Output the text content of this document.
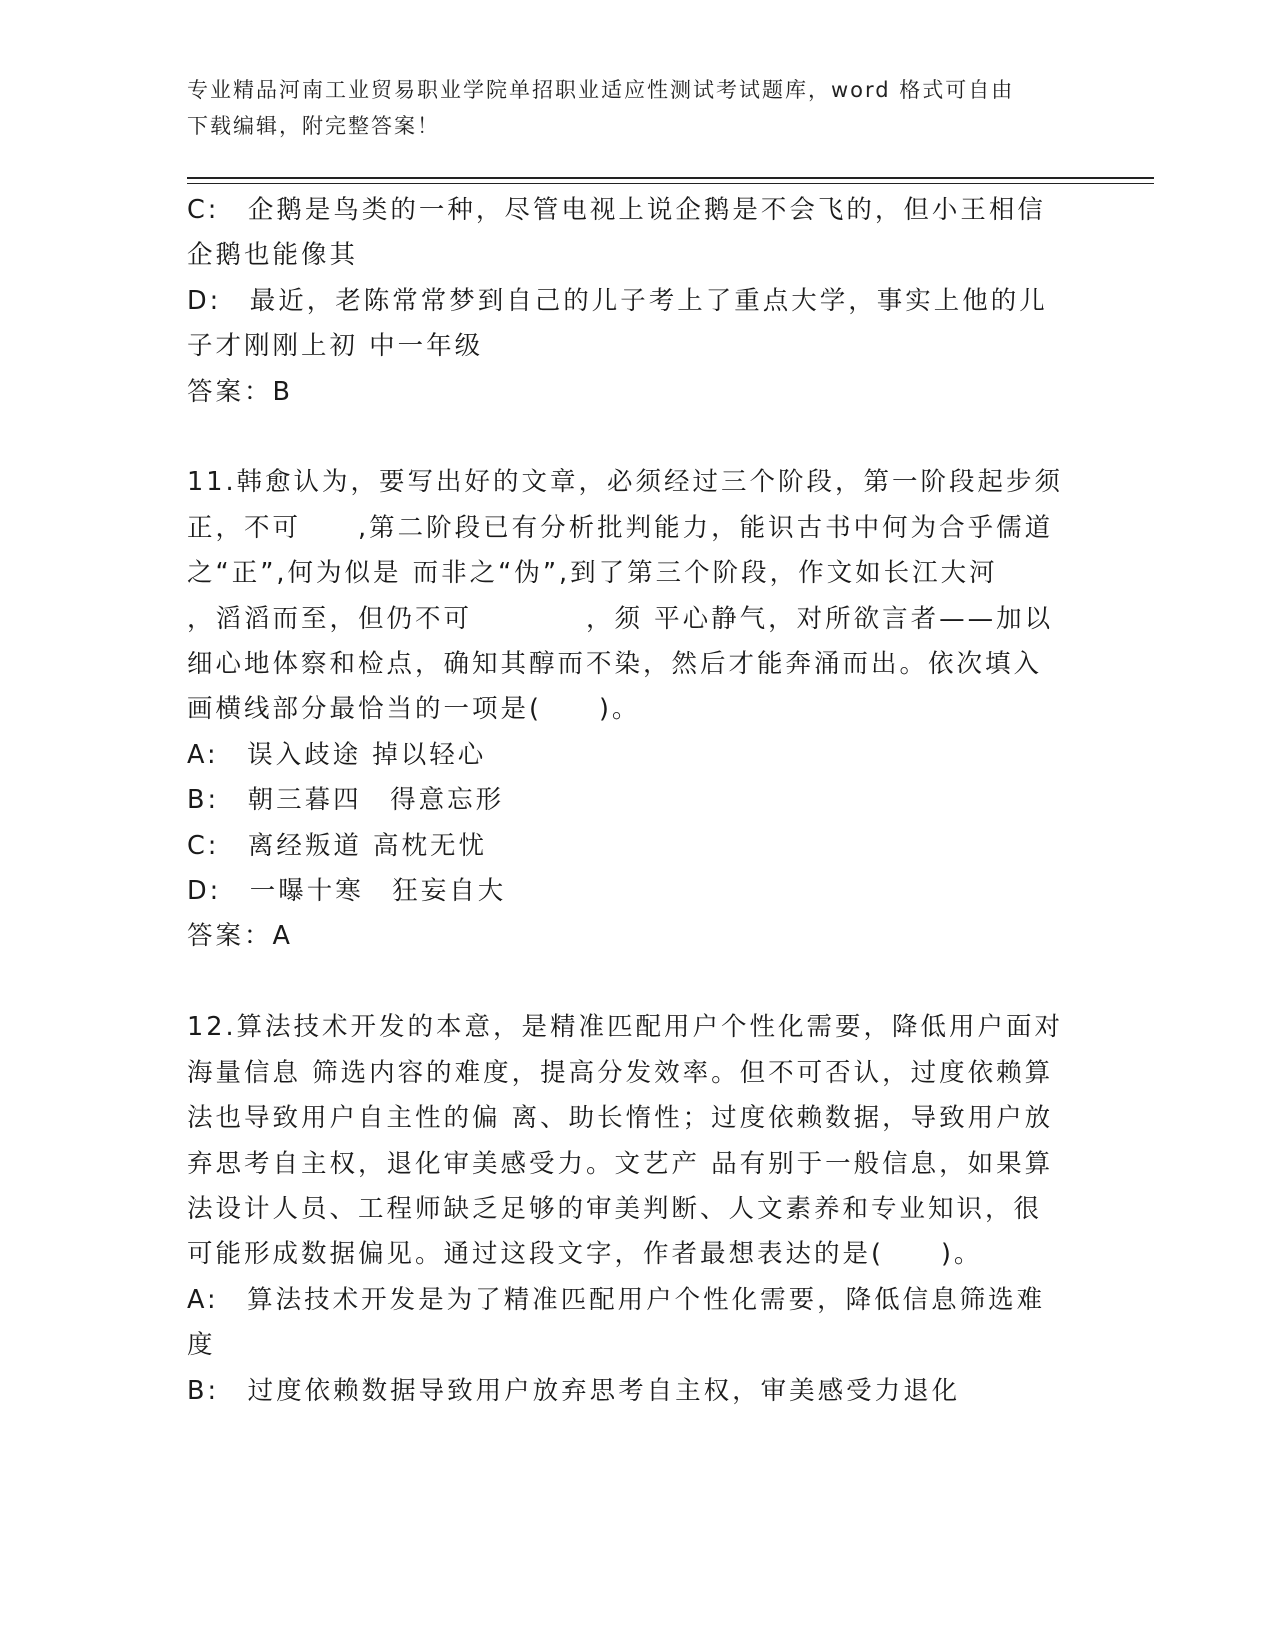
专业精品河南工业贸易职业学院单招职业适应性测试考试题库，word 格式可自由
下载编辑，附完整答案！

C:　企鹅是鸟类的一种，尽管电视上说企鹅是不会飞的，但小王相信

企鹅也能像其

D:　最近，老陈常常梦到自己的儿子考上了重点大学，事实上他的儿

子才刚刚上初 中一年级

答案：B

11.韩愈认为，要写出好的文章，必须经过三个阶段，第一阶段起步须

正，不可　　,第二阶段已有分析批判能力，能识古书中何为合乎儒道

之“正”,何为似是 而非之“伪”,到了第三个阶段，作文如长江大河

，滔滔而至，但仍不可　　　　，须 平心静气，对所欲言者——加以

细心地体察和检点，确知其醇而不染，然后才能奔涌而出。依次填入

画横线部分最恰当的一项是(　　)。

A:　误入歧途 掉以轻心

B:　朝三暮四　得意忘形

C:　离经叛道 高枕无忧

D:　一曝十寒　狂妄自大

答案：A

12.算法技术开发的本意，是精准匹配用户个性化需要，降低用户面对

海量信息 筛选内容的难度，提高分发效率。但不可否认，过度依赖算

法也导致用户自主性的偏 离、助长惰性；过度依赖数据，导致用户放

弃思考自主权，退化审美感受力。文艺产 品有别于一般信息，如果算

法设计人员、工程师缺乏足够的审美判断、人文素养和专业知识，很

可能形成数据偏见。通过这段文字，作者最想表达的是(　　)。

A:　算法技术开发是为了精准匹配用户个性化需要，降低信息筛选难

度

B:　过度依赖数据导致用户放弃思考自主权，审美感受力退化
